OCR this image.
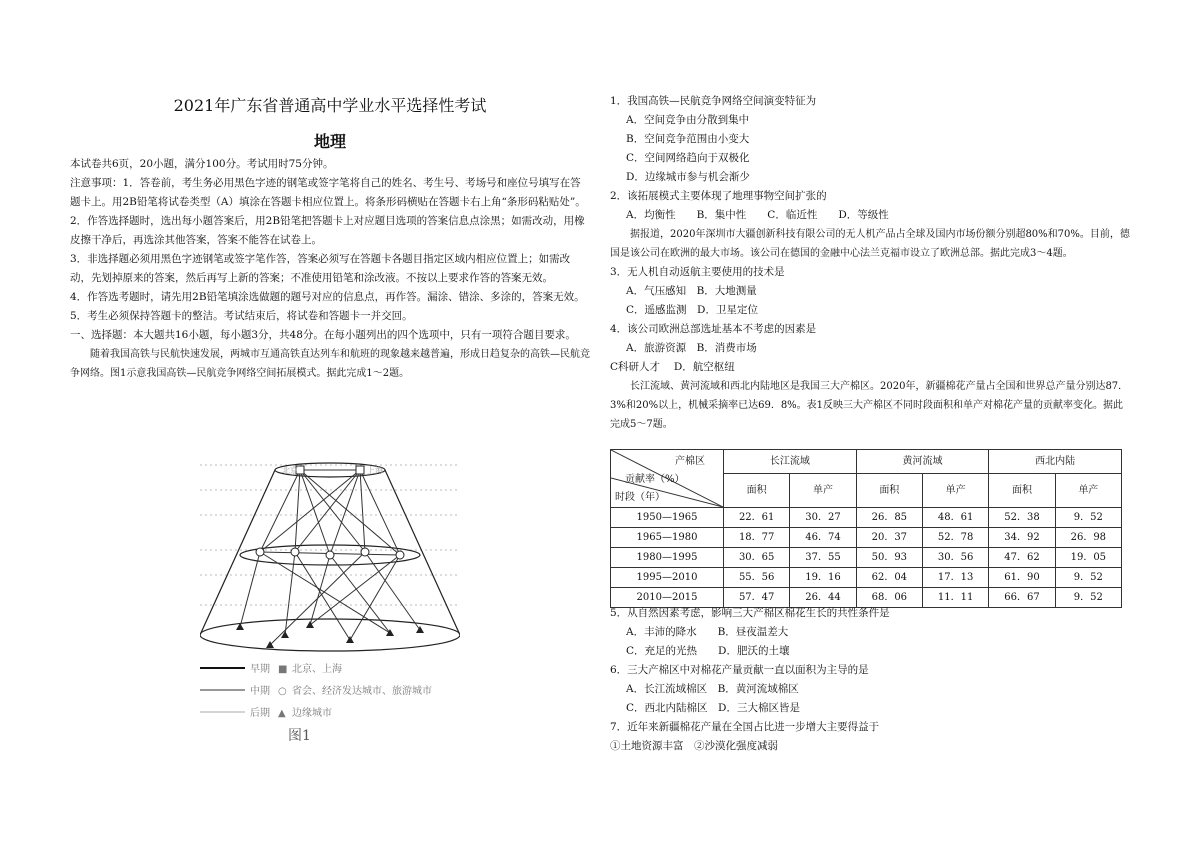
2021年广东省普通高中学业水平选择性考试
地理

本试卷共6页，20小题，满分100分。考试用时75分钟。

注意事项：1．答卷前，考生务必用黑色字迹的钢笔或签字笔将自己的姓名、考生号、考场号和座位号填写在答题卡上。用2B铅笔将试卷类型（A）填涂在答题卡相应位置上。将条形码横贴在答题卡右上角“条形码粘贴处”。

2．作答选择题时，选出每小题答案后，用2B铅笔把答题卡上对应题目选项的答案信息点涂黑；如需改动，用橡皮擦干净后，再选涂其他答案，答案不能答在试卷上。

3．非选择题必须用黑色字迹钢笔或签字笔作答，答案必须写在答题卡各题目指定区域内相应位置上；如需改动，先划掉原来的答案，然后再写上新的答案；不准使用铅笔和涂改液。不按以上要求作答的答案无效。

4．作答选考题时，请先用2B铅笔填涂选做题的题号对应的信息点，再作答。漏涂、错涂、多涂的，答案无效。

5．考生必须保持答题卡的整洁。考试结束后，将试卷和答题卡一并交回。

一、选择题：本大题共16小题，每小题3分，共48分。在每小题列出的四个选项中，只有一项符合题目要求。

随着我国高铁与民航快速发展，两城市互通高铁直达列车和航班的现象越来越普遍，形成日趋复杂的高铁—民航竞争网络。图1示意我国高铁—民航竞争网络空间拓展模式。据此完成1～2题。

北京	上海
早期 ■ 北京、上海
中期 ○ 省会、经济发达城市、旅游城市
后期 ▲ 边缘城市
图1

1．我国高铁—民航竞争网络空间演变特征为

A．空间竞争由分散到集中

B．空间竞争范围由小变大

C．空间网络趋向于双极化

D．边缘城市参与机会渐少

2．该拓展模式主要体现了地理事物空间扩张的

A．均衡性　　B．集中性　　C．临近性　　D．等级性

据报道，2020年深圳市大疆创新科技有限公司的无人机产品占全球及国内市场份额分别超80%和70%。目前，德国是该公司在欧洲的最大市场。该公司在德国的金融中心法兰克福市设立了欧洲总部。据此完成3～4题。

3．无人机自动返航主要使用的技术是

A．气压感知　B．大地测量

C．遥感监测　D．卫星定位

4．该公司欧洲总部选址基本不考虑的因素是

A．旅游资源　B．消费市场

C科研人才　 D．航空枢纽

长江流域、黄河流域和西北内陆地区是我国三大产棉区。2020年，新疆棉花产量占全国和世界总产量分别达87．3%和20%以上，机械采摘率已达69．8%。表1反映三大产棉区不同时段面积和单产对棉花产量的贡献率变化。据此完成5～7题。

产棉区
贡献率（%）
时段（年）	长江流域		黄河流域		西北内陆	
	面积	单产	面积	单产	面积	单产
1950—1965	22．61	30．27	26．85	48．61	52．38	9．52
1965—1980	18．77	46．74	20．37	52．78	34．92	26．98
1980—1995	30．65	37．55	50．93	30．56	47．62	19．05
1995—2010	55．56	19．16	62．04	17．13	61．90	9．52
2010—2015	57．47	26．44	68．06	11．11	66．67	9．52

5．从自然因素考虑，影响三大产棉区棉花生长的共性条件是

A．丰沛的降水　　B．昼夜温差大

C．充足的光热　　D．肥沃的土壤

6．三大产棉区中对棉花产量贡献一直以面积为主导的是

A．长江流域棉区　B．黄河流域棉区

C．西北内陆棉区　D．三大棉区皆是

7．近年来新疆棉花产量在全国占比进一步增大主要得益于

①土地资源丰富　②沙漠化强度减弱
